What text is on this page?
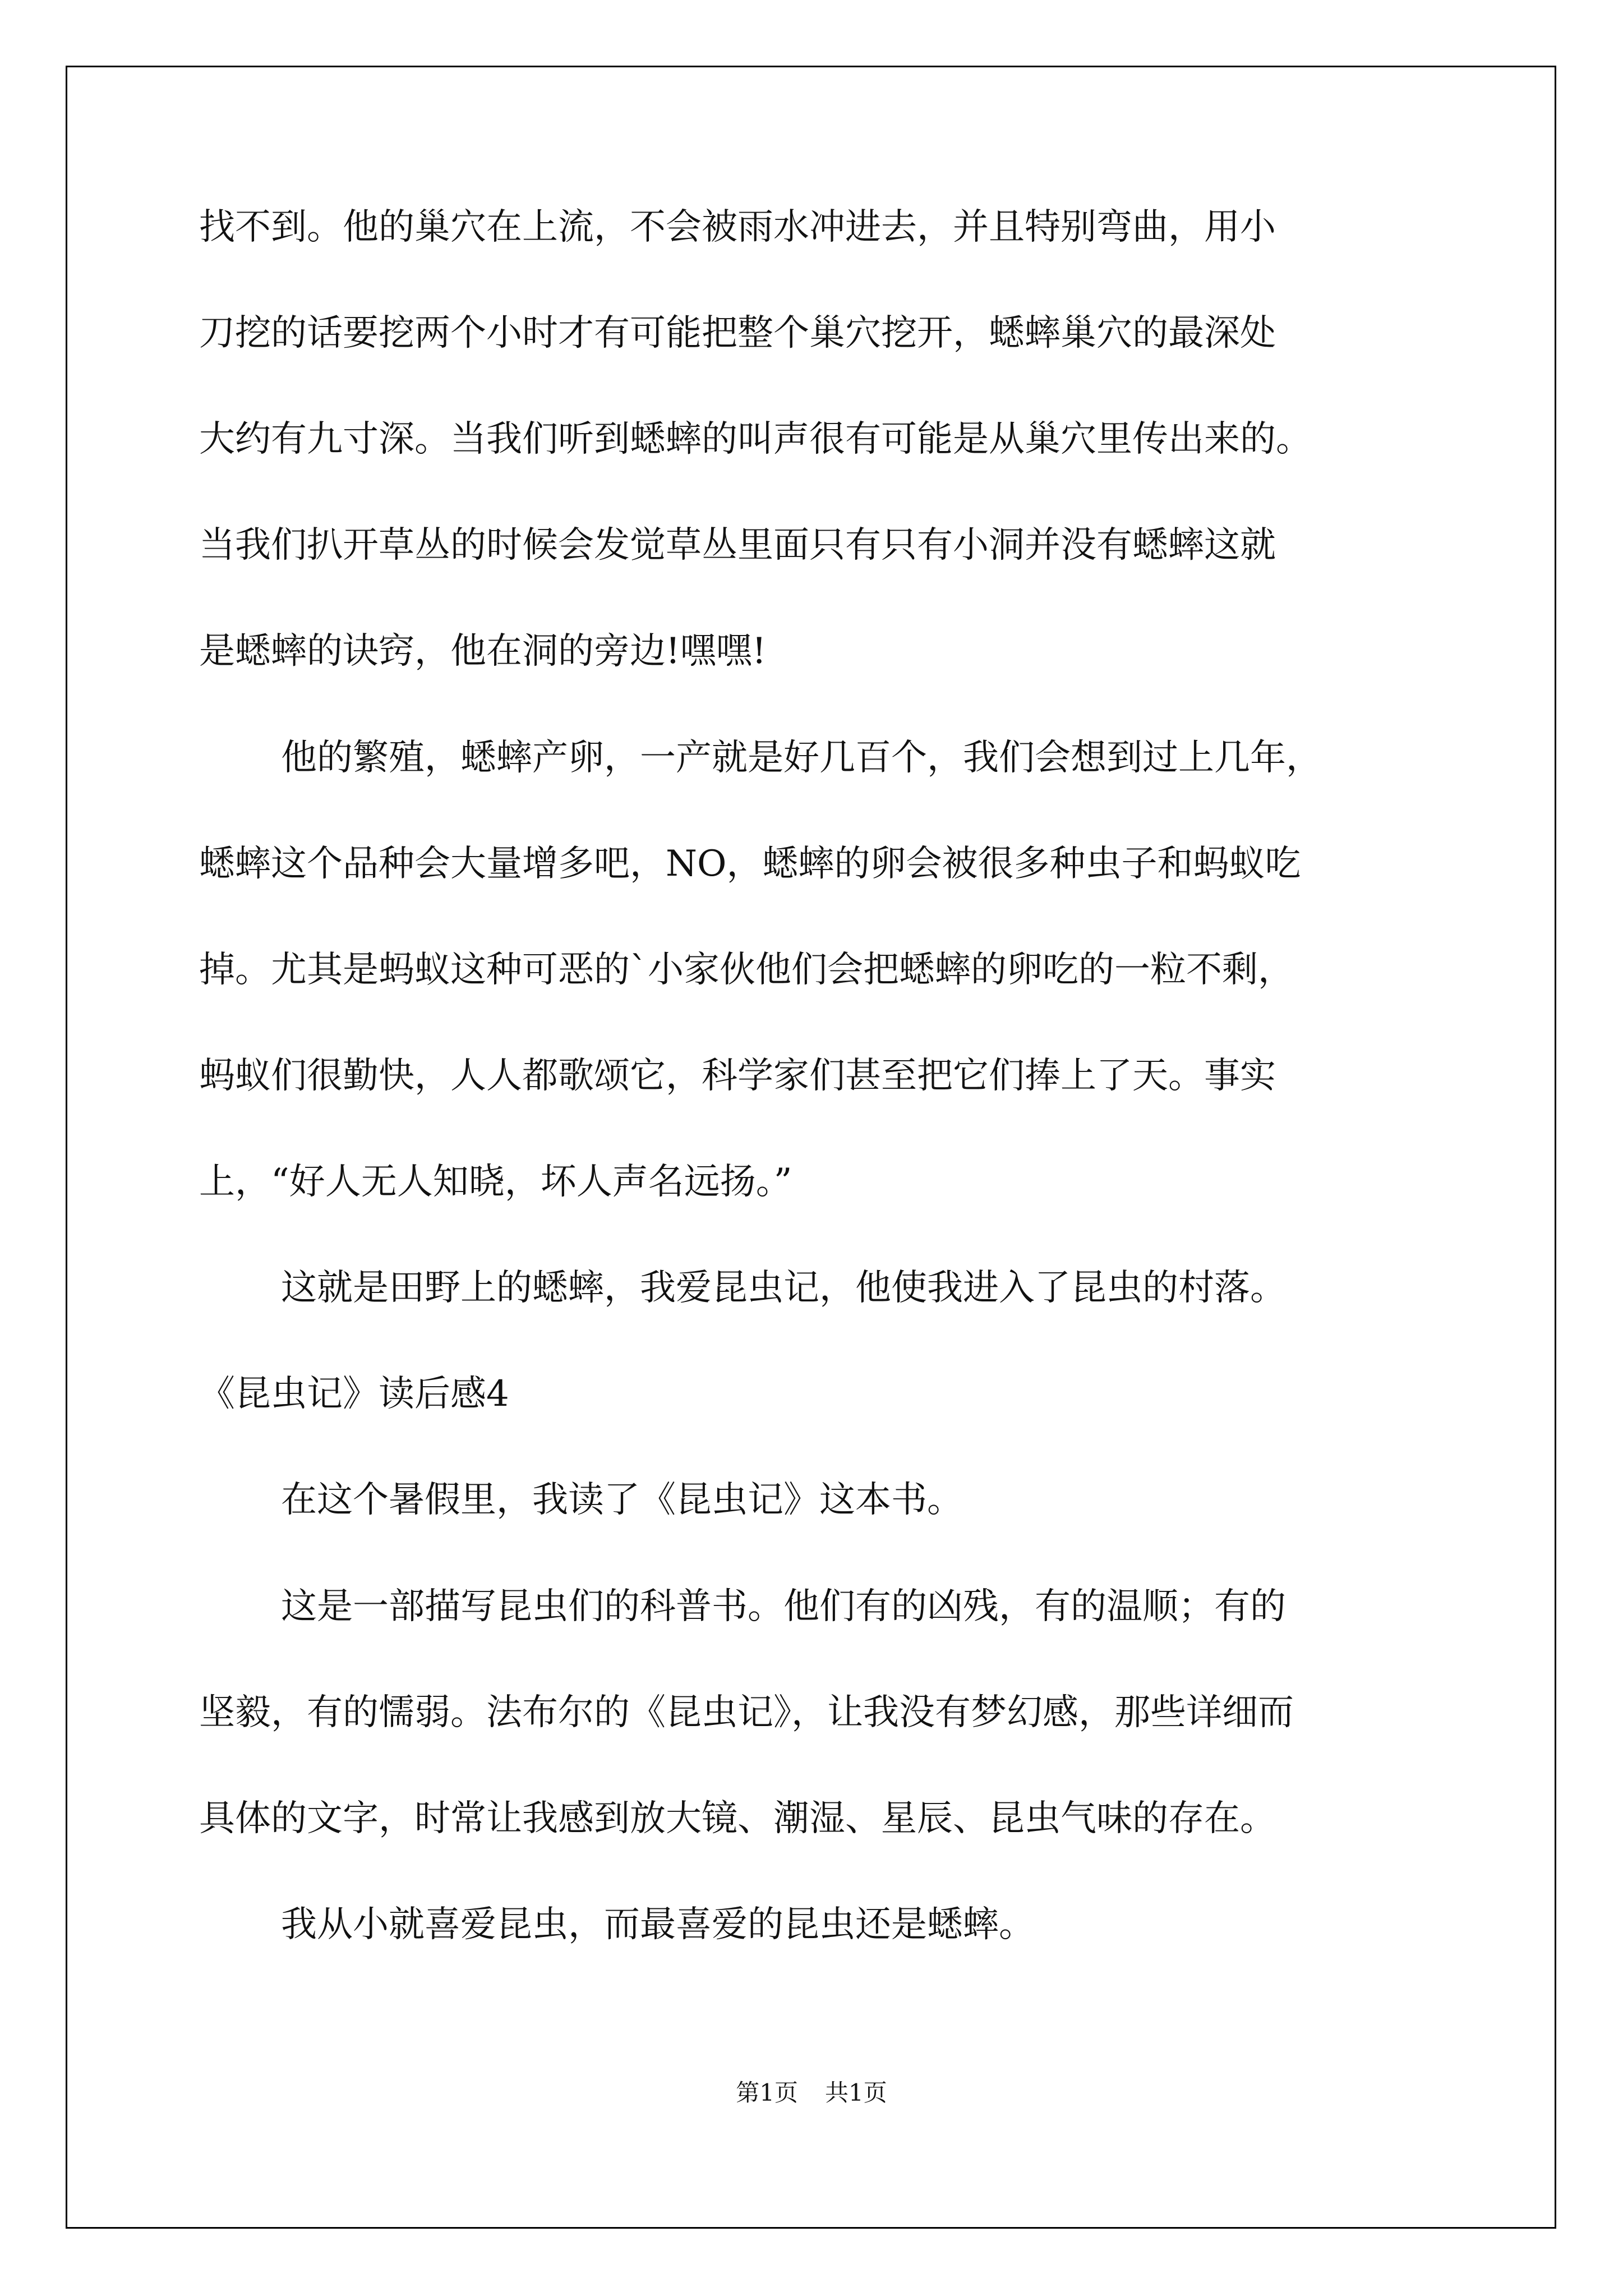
找不到。他的巢穴在上流，不会被雨水冲进去，并且特别弯曲，用小
刀挖的话要挖两个小时才有可能把整个巢穴挖开，蟋蟀巢穴的最深处
大约有九寸深。当我们听到蟋蟀的叫声很有可能是从巢穴里传出来的。
当我们扒开草丛的时候会发觉草丛里面只有只有小洞并没有蟋蟀这就
是蟋蟀的诀窍，他在洞的旁边!嘿嘿!
他的繁殖，蟋蟀产卵，一产就是好几百个，我们会想到过上几年，
蟋蟀这个品种会大量增多吧，NO，蟋蟀的卵会被很多种虫子和蚂蚁吃
掉。尤其是蚂蚁这种可恶的`小家伙他们会把蟋蟀的卵吃的一粒不剩，
蚂蚁们很勤快，人人都歌颂它，科学家们甚至把它们捧上了天。事实
上，“好人无人知晓，坏人声名远扬。”
这就是田野上的蟋蟀，我爱昆虫记，他使我进入了昆虫的村落。
《昆虫记》读后感4
在这个暑假里，我读了《昆虫记》这本书。
这是一部描写昆虫们的科普书。他们有的凶残，有的温顺；有的
坚毅，有的懦弱。法布尔的《昆虫记》，让我没有梦幻感，那些详细而
具体的文字，时常让我感到放大镜、潮湿、星辰、昆虫气味的存在。
我从小就喜爱昆虫，而最喜爱的昆虫还是蟋蟀。
第1页 共1页
